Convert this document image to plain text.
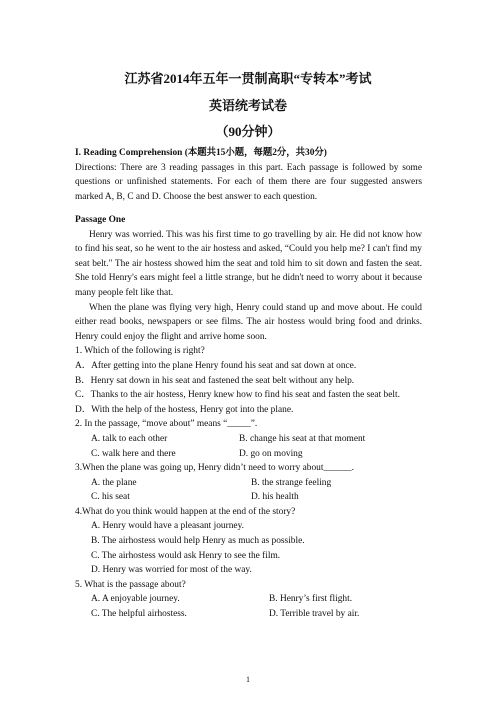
江苏省2014年五年一贯制高职“专转本”考试
英语统考试卷
（90分钟）

I. Reading Comprehension (本题共15小题，每题2分，共30分)

Directions: There are 3 reading passages in this part. Each passage is followed by some questions or unfinished statements. For each of them there are four suggested answers marked A, B, C and D. Choose the best answer to each question.

Passage One

Henry was worried. This was his first time to go travelling by air. He did not know how to find his seat, so he went to the air hostess and asked, “Could you help me? I can't find my seat belt." The air hostess showed him the seat and told him to sit down and fasten the seat. She told Henry's ears might feel a little strange, but he didn't need to worry about it because many people felt like that.

When the plane was flying very high, Henry could stand up and move about. He could either read books, newspapers or see films. The air hostess would bring food and drinks. Henry could enjoy the flight and arrive home soon.

1. Which of the following is right?

A．After getting into the plane Henry found his seat and sat down at once.

B．Henry sat down in his seat and fastened the seat belt without any help.

C．Thanks to the air hostess, Henry knew how to find his seat and fasten the seat belt.

D．With the help of the hostess, Henry got into the plane.

2. In the passage, “move about” means “_____”.

A. talk to each other	B. change his seat at that moment
C. walk here and there	D. go on moving

3.When the plane was going up, Henry didn’t need to worry about______.

A. the plane	B. the strange feeling
C. his seat	D. his health

4.What do you think would happen at the end of the story?

A. Henry would have a pleasant journey.

B. The airhostess would help Henry as much as possible.

C. The airhostess would ask Henry to see the film.

D. Henry was worried for most of the way.

5. What is the passage about?

A. A enjoyable journey.	B. Henry’s first flight.
C. The helpful airhostess.	D. Terrible travel by air.
1
